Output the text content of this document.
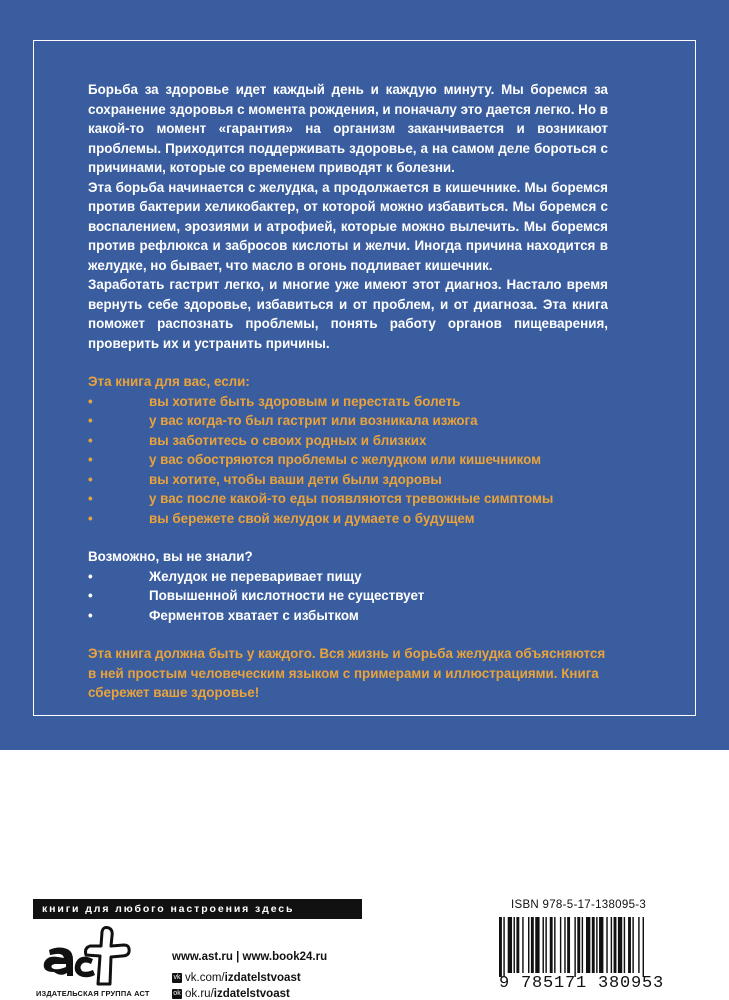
Борьба за здоровье идет каждый день и каждую минуту. Мы боремся за сохранение здоровья с момента рождения, и поначалу это дается легко. Но в какой-то момент «гарантия» на организм заканчивается и возникают проблемы. Приходится поддерживать здоровье, а на самом деле бороться с причинами, которые со временем приводят к болезни.

Эта борьба начинается с желудка, а продолжается в кишечнике. Мы боремся против бактерии хеликобактер, от которой можно избавиться. Мы боремся с воспалением, эрозиями и атрофией, которые можно вылечить. Мы боремся против рефлюкса и забросов кислоты и желчи. Иногда причина находится в желудке, но бывает, что масло в огонь подливает кишечник.

Заработать гастрит легко, и многие уже имеют этот диагноз. Настало время вернуть себе здоровье, избавиться и от проблем, и от диагноза. Эта книга поможет распознать проблемы, понять работу органов пищеварения, проверить их и устранить причины.

Эта книга для вас, если:

•	вы хотите быть здоровым и перестать болеть
•	у вас когда-то был гастрит или возникала изжога
•	вы заботитесь о своих родных и близких
•	у вас обостряются проблемы с желудком или кишечником
•	вы хотите, чтобы ваши дети были здоровы
•	у вас после какой-то еды появляются тревожные симптомы
•	вы бережете свой желудок и думаете о будущем

Возможно, вы не знали?

•	Желудок не переваривает пищу
•	Повышенной кислотности не существует
•	Ферментов хватает с избытком

Эта книга должна быть у каждого. Вся жизнь и борьба желудка объясняются в ней простым человеческим языком с примерами и иллюстрациями. Книга сбережет ваше здоровье!

книги для любого настроения здесь
ИЗДАТЕЛЬСКАЯ ГРУППА АСТ
www.ast.ru | www.book24.ru
vk vk.com/izdatelstvoast
ok ok.ru/izdatelstvoast
ISBN 978-5-17-138095-3
9 785171 380953
